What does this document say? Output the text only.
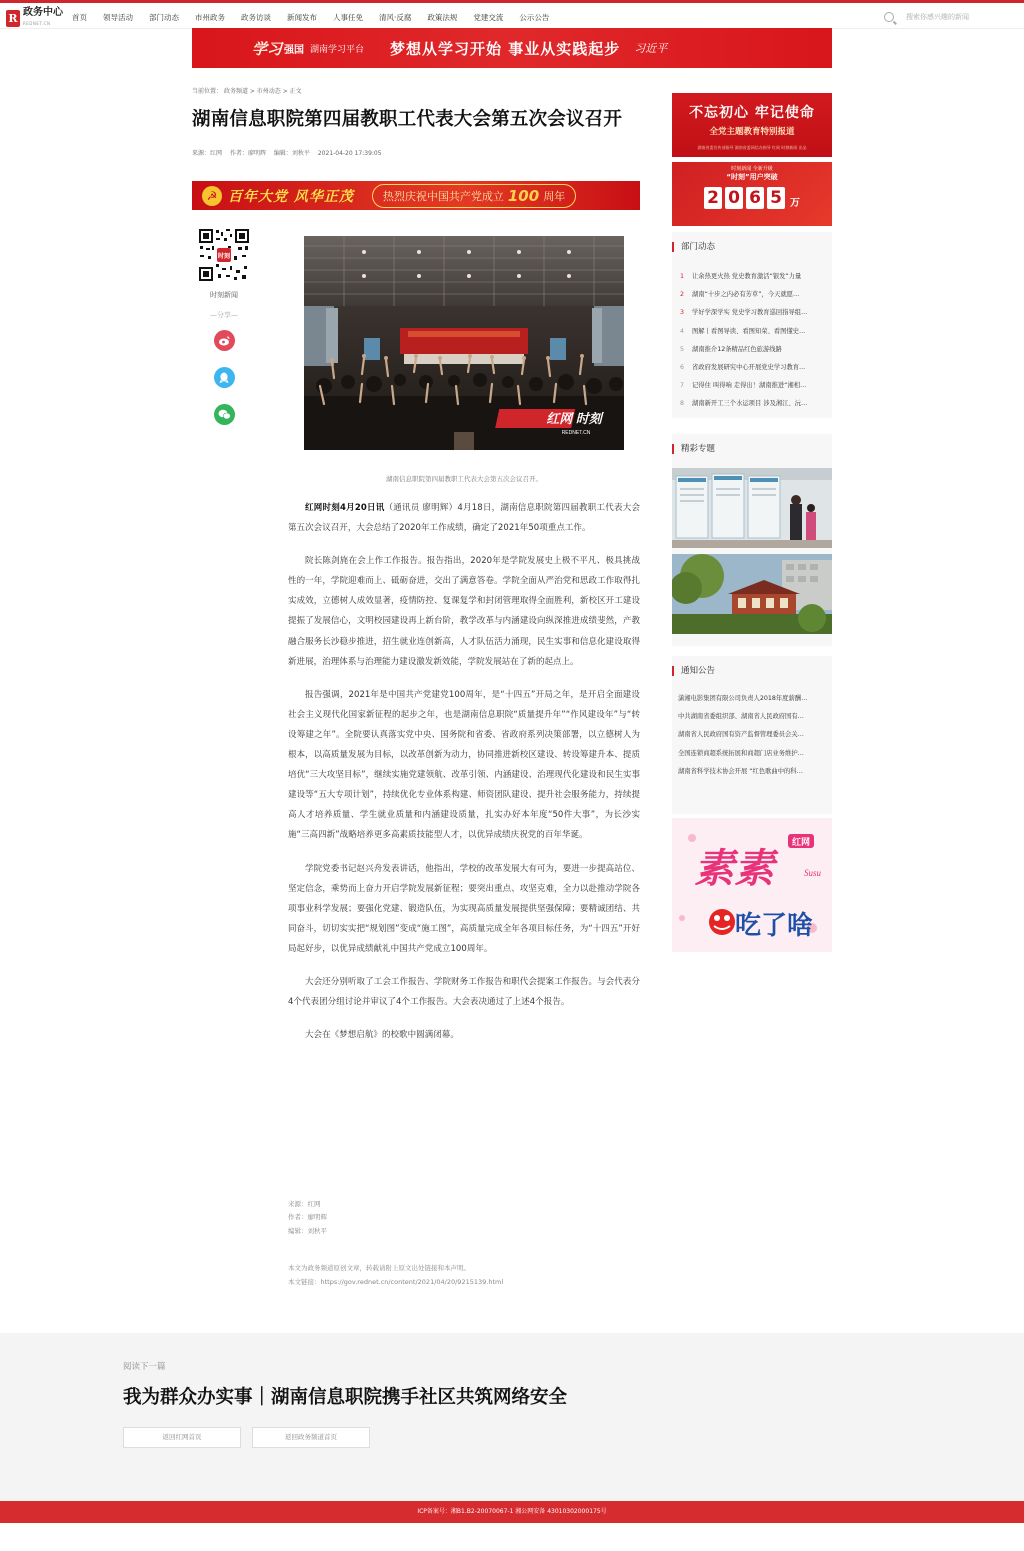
R 政务中心
REDNET.CN
首页 领导活动 部门动态 市州政务 政务访谈 新闻发布 人事任免 清风·反腐 政策法规 党建交流 公示公告	搜索你感兴趣的新闻
学习 强国 湖南学习平台 梦想从学习开始 事业从实践起步 习近平
当前位置： 政务频道 > 市州动态 > 正文
湖南信息职院第四届教职工代表大会第五次会议召开
来源：红网 作者：廖明辉 编辑：刘秋平 2021-04-20 17:39:05
☭ 百年大党 风华正茂	热烈庆祝中国共产党成立 100 周年
时刻
时刻新闻
—分享—
红网 时刻
REDNET.CN
湖南信息职院第四届教职工代表大会第五次会议召开。

红网时刻4月20日讯（通讯员 廖明辉）4月18日，湖南信息职院第四届教职工代表大会第五次会议召开，大会总结了2020年工作成绩，确定了2021年50项重点工作。

院长陈剑旄在会上作工作报告。报告指出，2020年是学院发展史上极不平凡、极具挑战性的一年，学院迎难而上、砥砺奋进，交出了满意答卷。学院全面从严治党和思政工作取得扎实成效，立德树人成效显著，疫情防控、复课复学和封闭管理取得全面胜利，新校区开工建设提振了发展信心，文明校园建设再上新台阶，教学改革与内涵建设向纵深推进成绩斐然，产教融合服务长沙稳步推进，招生就业连创新高，人才队伍活力涌现，民生实事和信息化建设取得新进展，治理体系与治理能力建设激发新效能，学院发展站在了新的起点上。

报告强调，2021年是中国共产党建党100周年，是“十四五”开局之年，是开启全面建设社会主义现代化国家新征程的起步之年，也是湖南信息职院“质量提升年”“作风建设年”与“转设筹建之年”。全院要认真落实党中央、国务院和省委、省政府系列决策部署，以立德树人为根本，以高质量发展为目标，以改革创新为动力，协同推进新校区建设、转设筹建升本、提质培优“三大攻坚目标”，继续实施党建领航、改革引领、内涵建设、治理现代化建设和民生实事建设等“五大专项计划”，持续优化专业体系构建、师资团队建设、提升社会服务能力，持续提高人才培养质量、学生就业质量和内涵建设质量，扎实办好本年度“50件大事”，为长沙实施“三高四新”战略培养更多高素质技能型人才，以优异成绩庆祝党的百年华诞。

学院党委书记赵兴舟发表讲话，他指出，学校的改革发展大有可为，要进一步提高站位、坚定信念，乘势而上奋力开启学院发展新征程；要突出重点、攻坚克难，全力以赴推动学院各项事业科学发展；要强化党建、锻造队伍，为实现高质量发展提供坚强保障；要精诚团结、共同奋斗，切切实实把“规划图”变成“施工图”，高质量完成全年各项目标任务，为“十四五”开好局起好步，以优异成绩献礼中国共产党成立100周年。

大会还分别听取了工会工作报告、学院财务工作报告和职代会提案工作报告。与会代表分4个代表团分组讨论并审议了4个工作报告。大会表决通过了上述4个报告。

大会在《梦想启航》的校歌中圆满闭幕。

来源：红网
作者：廖明辉
编辑：刘秋平
本文为政务频道原创文章，转载请附上原文出处链接和本声明。
本文链接：https://gov.rednet.cn/content/2021/04/20/9215139.html
不忘初心 牢记使命
全党主题教育特别报道
湖南省委宣传部指导 湖南省委网信办指导 红网 时刻新闻 出品
时刻新闻 全新升级
“时刻”用户突破
2 0 6 5 万
部门动态
1	让余热更火热 党史教育激活“银发”力量
2	湖南“十步之内必有芳草”，今天就愿…
3	学好学深学实 党史学习教育巡回指导组…
4	图解丨看图导读、看图知荣、看图懂史…
5	湖南推介12条精品红色旅游线路
6	省政府发展研究中心开展党史学习教育…
7	记得住 叫得响 走得出！湖南推进“湘相…
8	湖南新开工三个水运项目 涉及湘江、沅…
精彩专题
通知公告
潇湘电影集团有限公司负责人2018年度薪酬…
中共湖南省委组织部、湖南省人民政府国有…
湖南省人民政府国有资产监督管理委员会关…
全国连锁商超系统拓展和商超门店业务维护…
湖南省科学技术协会开展 “红色歌曲中的科…
红网
素素	Susu
吃了啥
阅读下一篇
我为群众办实事｜湖南信息职院携手社区共筑网络安全
返回红网首页	返回政务频道首页
ICP备案号：湘B1.B2-20070067-1 湘公网安备 43010302000175号
